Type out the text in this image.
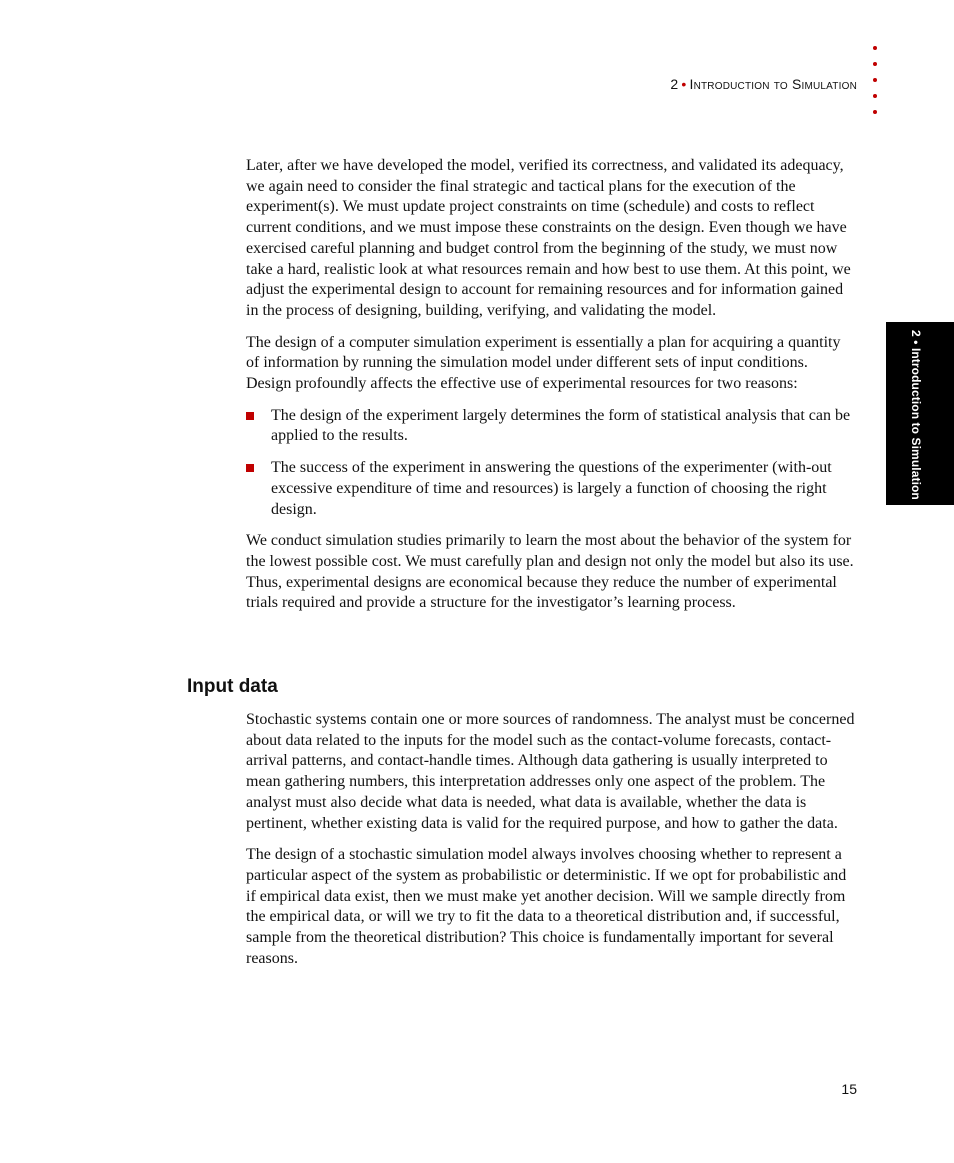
2 • Introduction to Simulation
2 • Introduction to Simulation

Later, after we have developed the model, verified its correctness, and validated its adequacy, we again need to consider the final strategic and tactical plans for the execution of the experiment(s). We must update project constraints on time (schedule) and costs to reflect current conditions, and we must impose these constraints on the design. Even though we have exercised careful planning and budget control from the beginning of the study, we must now take a hard, realistic look at what resources remain and how best to use them. At this point, we adjust the experimental design to account for remaining resources and for information gained in the process of designing, building, verifying, and validating the model.

The design of a computer simulation experiment is essentially a plan for acquiring a quantity of information by running the simulation model under different sets of input conditions. Design profoundly affects the effective use of experimental resources for two reasons:

The design of the experiment largely determines the form of statistical analysis that can be applied to the results.
The success of the experiment in answering the questions of the experimenter (with-out excessive expenditure of time and resources) is largely a function of choosing the right design.

We conduct simulation studies primarily to learn the most about the behavior of the system for the lowest possible cost. We must carefully plan and design not only the model but also its use. Thus, experimental designs are economical because they reduce the number of experimental trials required and provide a structure for the investigator’s learning process.

Input data

Stochastic systems contain one or more sources of randomness. The analyst must be concerned about data related to the inputs for the model such as the contact-volume forecasts, contact-arrival patterns, and contact-handle times. Although data gathering is usually interpreted to mean gathering numbers, this interpretation addresses only one aspect of the problem. The analyst must also decide what data is needed, what data is available, whether the data is pertinent, whether existing data is valid for the required purpose, and how to gather the data.

The design of a stochastic simulation model always involves choosing whether to represent a particular aspect of the system as probabilistic or deterministic. If we opt for probabilistic and if empirical data exist, then we must make yet another decision. Will we sample directly from the empirical data, or will we try to fit the data to a theoretical distribution and, if successful, sample from the theoretical distribution? This choice is fundamentally important for several reasons.

15
